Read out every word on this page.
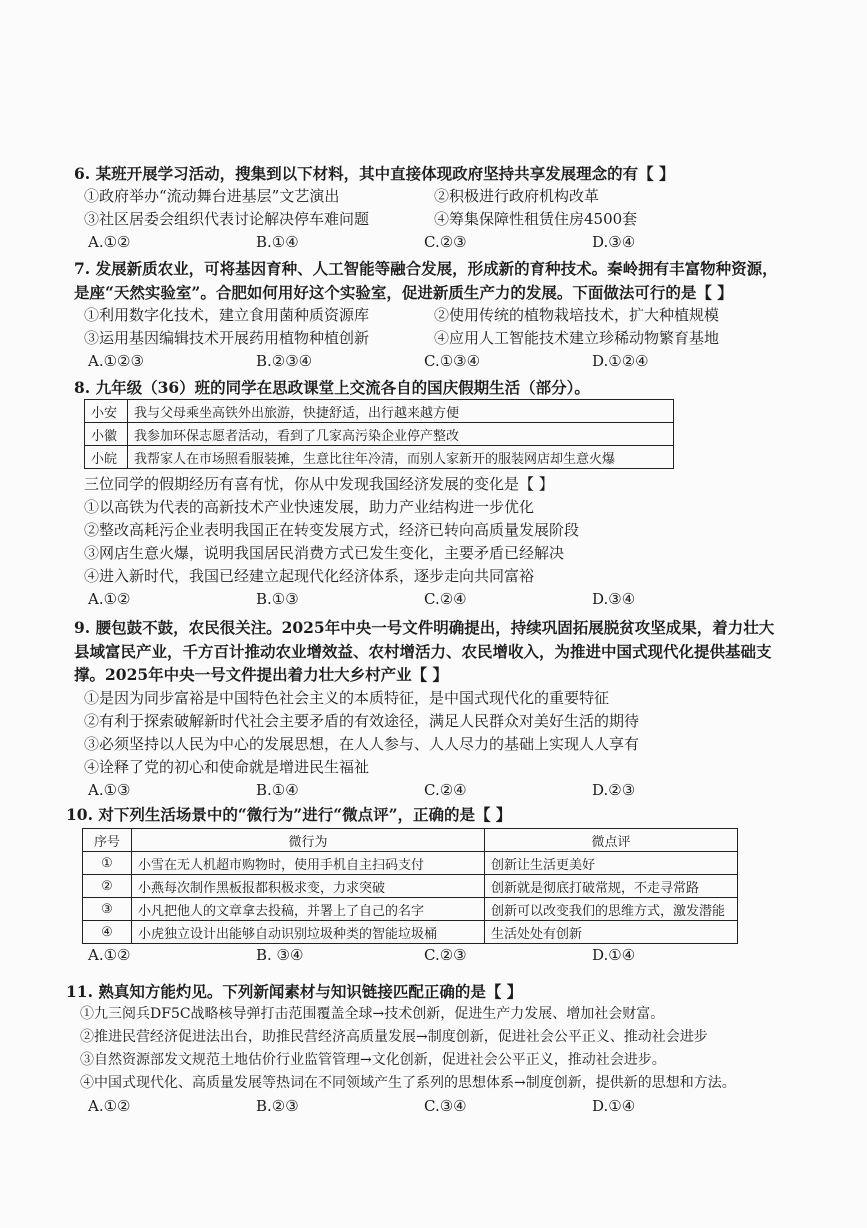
6. 某班开展学习活动，搜集到以下材料，其中直接体现政府坚持共享发展理念的有【 】
①政府举办“流动舞台进基层”文艺演出	②积极进行政府机构改革
③社区居委会组织代表讨论解决停车难问题	④筹集保障性租赁住房4500套
A.①②	B.①④	C.②③	D.③④
7. 发展新质农业，可将基因育种、人工智能等融合发展，形成新的育种技术。秦岭拥有丰富物种资源，是座“天然实验室”。合肥如何用好这个实验室，促进新质生产力的发展。下面做法可行的是【 】
①利用数字化技术，建立食用菌种质资源库	②使用传统的植物栽培技术，扩大种植规模
③运用基因编辑技术开展药用植物种植创新	④应用人工智能技术建立珍稀动物繁育基地
A.①②③	B.②③④	C.①③④	D.①②④
8. 九年级（36）班的同学在思政课堂上交流各自的国庆假期生活（部分）。
小安	我与父母乘坐高铁外出旅游，快捷舒适，出行越来越方便
小徽	我参加环保志愿者活动，看到了几家高污染企业停产整改
小皖	我帮家人在市场照看服装摊，生意比往年冷清，而别人家新开的服装网店却生意火爆
三位同学的假期经历有喜有忧，你从中发现我国经济发展的变化是【 】
①以高铁为代表的高新技术产业快速发展，助力产业结构进一步优化
②整改高耗污企业表明我国正在转变发展方式，经济已转向高质量发展阶段
③网店生意火爆，说明我国居民消费方式已发生变化，主要矛盾已经解决
④进入新时代，我国已经建立起现代化经济体系，逐步走向共同富裕
A.①②	B.①③	C.②④	D.③④
9. 腰包鼓不鼓，农民很关注。2025年中央一号文件明确提出，持续巩固拓展脱贫攻坚成果，着力壮大县域富民产业，千方百计推动农业增效益、农村增活力、农民增收入，为推进中国式现代化提供基础支撑。2025年中央一号文件提出着力壮大乡村产业【 】
①是因为同步富裕是中国特色社会主义的本质特征，是中国式现代化的重要特征
②有利于探索破解新时代社会主要矛盾的有效途径，满足人民群众对美好生活的期待
③必须坚持以人民为中心的发展思想，在人人参与、人人尽力的基础上实现人人享有
④诠释了党的初心和使命就是增进民生福祉
A.①③	B.①④	C.②④	D.②③
10. 对下列生活场景中的“微行为”进行“微点评”，正确的是【 】
序号	微行为	微点评
①	小雪在无人机超市购物时，使用手机自主扫码支付	创新让生活更美好
②	小燕每次制作黑板报都积极求变，力求突破	创新就是彻底打破常规，不走寻常路
③	小凡把他人的文章拿去投稿，并署上了自己的名字	创新可以改变我们的思维方式，激发潜能
④	小虎独立设计出能够自动识别垃圾种类的智能垃圾桶	生活处处有创新
A.①②	B. ③④	C.②③	D.①④
11. 熟真知方能灼见。下列新闻素材与知识链接匹配正确的是【 】
①九三阅兵DF5C战略核导弹打击范围覆盖全球→技术创新，促进生产力发展、增加社会财富。
②推进民营经济促进法出台，助推民营经济高质量发展→制度创新，促进社会公平正义、推动社会进步
③自然资源部发文规范土地估价行业监管管理→文化创新，促进社会公平正义，推动社会进步。
④中国式现代化、高质量发展等热词在不同领域产生了系列的思想体系→制度创新，提供新的思想和方法。
A.①②	B.②③	C.③④	D.①④
